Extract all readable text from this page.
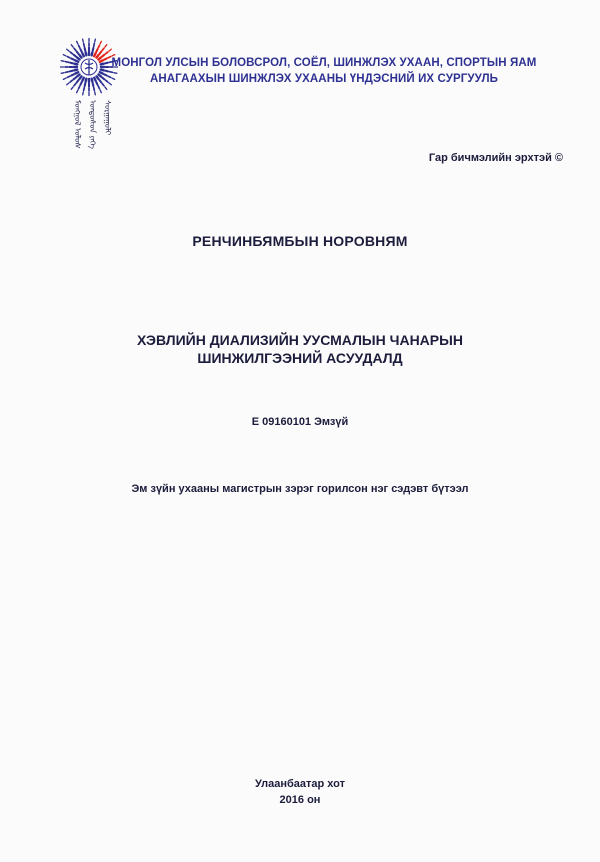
ᠮᠣᠩᠭᠣᠯ ᠤᠯᠤᠰ ᠤᠨᠳᠤᠰᠤᠨ ᠶᠡᠬᠡ ᠰᠤᠷᠭᠠᠭᠤᠯᠢ
МОНГОЛ УЛСЫН БОЛОВСРОЛ, СОЁЛ, ШИНЖЛЭХ УХААН, СПОРТЫН ЯАМ
АНАГААХЫН ШИНЖЛЭХ УХААНЫ ҮНДЭСНИЙ ИХ СУРГУУЛЬ
Гар бичмэлийн эрхтэй ©
РЕНЧИНБЯМБЫН НОРОВНЯМ
ХЭВЛИЙН ДИАЛИЗИЙН УУСМАЛЫН ЧАНАРЫН
ШИНЖИЛГЭЭНИЙ АСУУДАЛД
Е 09160101 Эмзүй
Эм зүйн ухааны магистрын зэрэг горилсон нэг сэдэвт бүтээл
Улаанбаатар хот
2016 он
